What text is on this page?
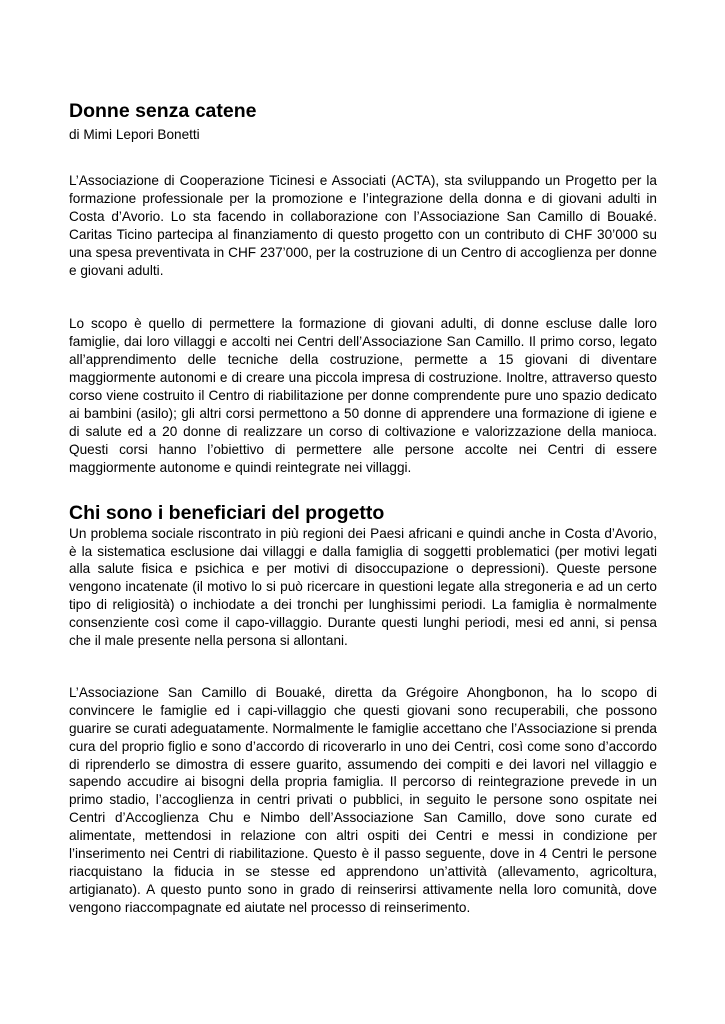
Donne senza catene

di Mimi Lepori Bonetti

L’Associazione di Cooperazione Ticinesi e Associati (ACTA), sta sviluppando un Progetto per la formazione professionale per la promozione e l’integrazione della donna e di giovani adulti in Costa d’Avorio. Lo sta facendo in collaborazione con l’Associazione San Camillo di Bouaké. Caritas Ticino partecipa al finanziamento di questo progetto con un contributo di CHF 30’000 su una spesa preventivata in CHF 237’000, per la costruzione di un Centro di accoglienza per donne e giovani adulti.

Lo scopo è quello di permettere la formazione di giovani adulti, di donne escluse dalle loro famiglie, dai loro villaggi e accolti nei Centri dell’Associazione San Camillo. Il primo corso, legato all’apprendimento delle tecniche della costruzione, permette a 15 giovani di diventare maggiormente autonomi e di creare una piccola impresa di costruzione. Inoltre, attraverso questo corso viene costruito il Centro di riabilitazione per donne comprendente pure uno spazio dedicato ai bambini (asilo); gli altri corsi permettono a 50 donne di apprendere una formazione di igiene e di salute ed a 20 donne di realizzare un corso di coltivazione e valorizzazione della manioca. Questi corsi hanno l’obiettivo di permettere alle persone accolte nei Centri di essere maggiormente autonome e quindi reintegrate nei villaggi.

Chi sono i beneficiari del progetto

Un problema sociale riscontrato in più regioni dei Paesi africani e quindi anche in Costa d’Avorio, è la sistematica esclusione dai villaggi e dalla famiglia di soggetti problematici (per motivi legati alla salute fisica e psichica e per motivi di disoccupazione o depressioni). Queste persone vengono incatenate (il motivo lo si può ricercare in questioni legate alla stregoneria e ad un certo tipo di religiosità) o inchiodate a dei tronchi per lunghissimi periodi. La famiglia è normalmente consenziente così come il capo-villaggio. Durante questi lunghi periodi, mesi ed anni, si pensa che il male presente nella persona si allontani.

L’Associazione San Camillo di Bouaké, diretta da Grégoire Ahongbonon, ha lo scopo di convincere le famiglie ed i capi-villaggio che questi giovani sono recuperabili, che possono guarire se curati adeguatamente. Normalmente le famiglie accettano che l’Associazione si prenda cura del proprio figlio e sono d’accordo di ricoverarlo in uno dei Centri, così come sono d’accordo di riprenderlo se dimostra di essere guarito, assumendo dei compiti e dei lavori nel villaggio e sapendo accudire ai bisogni della propria famiglia. Il percorso di reintegrazione prevede in un primo stadio, l’accoglienza in centri privati o pubblici, in seguito le persone sono ospitate nei Centri d’Accoglienza Chu e Nimbo dell’Associazione San Camillo, dove sono curate ed alimentate, mettendosi in relazione con altri ospiti dei Centri e messi in condizione per l’inserimento nei Centri di riabilitazione. Questo è il passo seguente, dove in 4 Centri le persone riacquistano la fiducia in se stesse ed apprendono un’attività (allevamento, agricoltura, artigianato). A questo punto sono in grado di reinserirsi attivamente nella loro comunità, dove vengono riaccompagnate ed aiutate nel processo di reinserimento.
